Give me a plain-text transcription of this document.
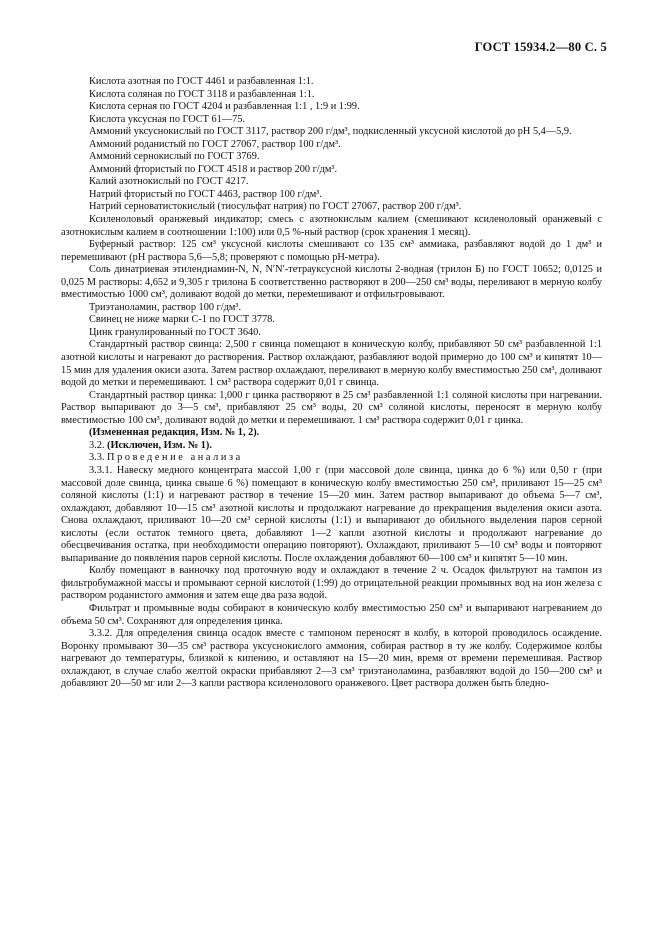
ГОСТ 15934.2—80 С. 5

Кислота азотная по ГОСТ 4461 и разбавленная 1:1.

Кислота соляная по ГОСТ 3118 и разбавленная 1:1.

Кислота серная по ГОСТ 4204 и разбавленная 1:1 , 1:9 и 1:99.

Кислота уксусная по ГОСТ 61—75.

Аммоний уксуснокислый по ГОСТ 3117, раствор 200 г/дм³, подкисленный уксусной кислотой до pH 5,4—5,9.

Аммоний роданистый по ГОСТ 27067, раствор 100 г/дм³.

Аммоний сернокислый по ГОСТ 3769.

Аммоний фтористый по ГОСТ 4518 и раствор 200 г/дм³.

Калий азотнокислый по ГОСТ 4217.

Натрий фтористый по ГОСТ 4463, раствор 100 г/дм³.

Натрий серноватистокислый (тиосульфат натрия) по ГОСТ 27067, раствор 200 г/дм³.

Ксиленоловый оранжевый индикатор; смесь с азотнокислым калием (смешивают ксиленоловый оранжевый с азотнокислым калием в соотношении 1:100) или 0,5 %-ный раствор (срок хранения 1 месяц).

Буферный раствор: 125 см³ уксусной кислоты смешивают со 135 см³ аммиака, разбавляют водой до 1 дм³ и перемешивают (pH раствора 5,6—5,8; проверяют с помощью pH-метра).

Соль динатриевая этилендиамин-N, N, N′N′-тетрауксусной кислоты 2-водная (трилон Б) по ГОСТ 10652; 0,0125 и 0,025 М растворы: 4,652 и 9,305 г трилона Б соответственно растворяют в 200—250 см³ воды, переливают в мерную колбу вместимостью 1000 см³, доливают водой до метки, перемешивают и отфильтровывают.

Триэтаноламин, раствор 100 г/дм³.

Свинец не ниже марки С-1 по ГОСТ 3778.

Цинк гранулированный по ГОСТ 3640.

Стандартный раствор свинца: 2,500 г свинца помещают в коническую колбу, прибавляют 50 см³ разбавленной 1:1 азотной кислоты и нагревают до растворения. Раствор охлаждают, разбавляют водой примерно до 100 см³ и кипятят 10—15 мин для удаления окиси азота. Затем раствор охлаждают, переливают в мерную колбу вместимостью 250 см³, доливают водой до метки и перемешивают. 1 см³ раствора содержит 0,01 г свинца.

Стандартный раствор цинка: 1,000 г цинка растворяют в 25 см³ разбавленной 1:1 соляной кислоты при нагревании. Раствор выпаривают до 3—5 см³, прибавляют 25 см³ воды, 20 см³ соляной кислоты, переносят в мерную колбу вместимостью 100 см³, доливают водой до метки и перемешивают. 1 см³ раствора содержит 0,01 г цинка.

(Измененная редакция, Изм. № 1, 2).

3.2. (Исключен, Изм. № 1).

3.3. Проведение анализа

3.3.1. Навеску медного концентрата массой 1,00 г (при массовой доле свинца, цинка до 6 %) или 0,50 г (при массовой доле свинца, цинка свыше 6 %) помещают в коническую колбу вместимостью 250 см³, приливают 15—25 см³ соляной кислоты (1:1) и нагревают раствор в течение 15—20 мин. Затем раствор выпаривают до объема 5—7 см³, охлаждают, добавляют 10—15 см³ азотной кислоты и продолжают нагревание до прекращения выделения окиси азота. Снова охлаждают, приливают 10—20 см³ серной кислоты (1:1) и выпаривают до обильного выделения паров серной кислоты (если остаток темного цвета, добавляют 1—2 капли азотной кислоты и продолжают нагревание до обесцвечивания остатка, при необходимости операцию повторяют). Охлаждают, приливают 5—10 см³ воды и повторяют выпаривание до появления паров серной кислоты. После охлаждения добавляют 60—100 см³ и кипятят 5—10 мин.

Колбу помещают в ванночку под проточную воду и охлаждают в течение 2 ч. Осадок фильтруют на тампон из фильтробумажной массы и промывают серной кислотой (1:99) до отрицательной реакции промывных вод на ион железа с раствором роданистого аммония и затем еще два раза водой.

Фильтрат и промывные воды собирают в коническую колбу вместимостью 250 см³ и выпаривают нагреванием до объема 50 см³. Сохраняют для определения цинка.

3.3.2. Для определения свинца осадок вместе с тампоном переносят в колбу, в которой проводилось осаждение. Воронку промывают 30—35 см³ раствора уксуснокислого аммония, собирая раствор в ту же колбу. Содержимое колбы нагревают до температуры, близкой к кипению, и оставляют на 15—20 мин, время от времени перемешивая. Раствор охлаждают, в случае слабо желтой окраски прибавляют 2—3 см³ триэтаноламина, разбавляют водой до 150—200 см³ и добавляют 20—50 мг или 2—3 капли раствора ксиленолового оранжевого. Цвет раствора должен быть бледно-
